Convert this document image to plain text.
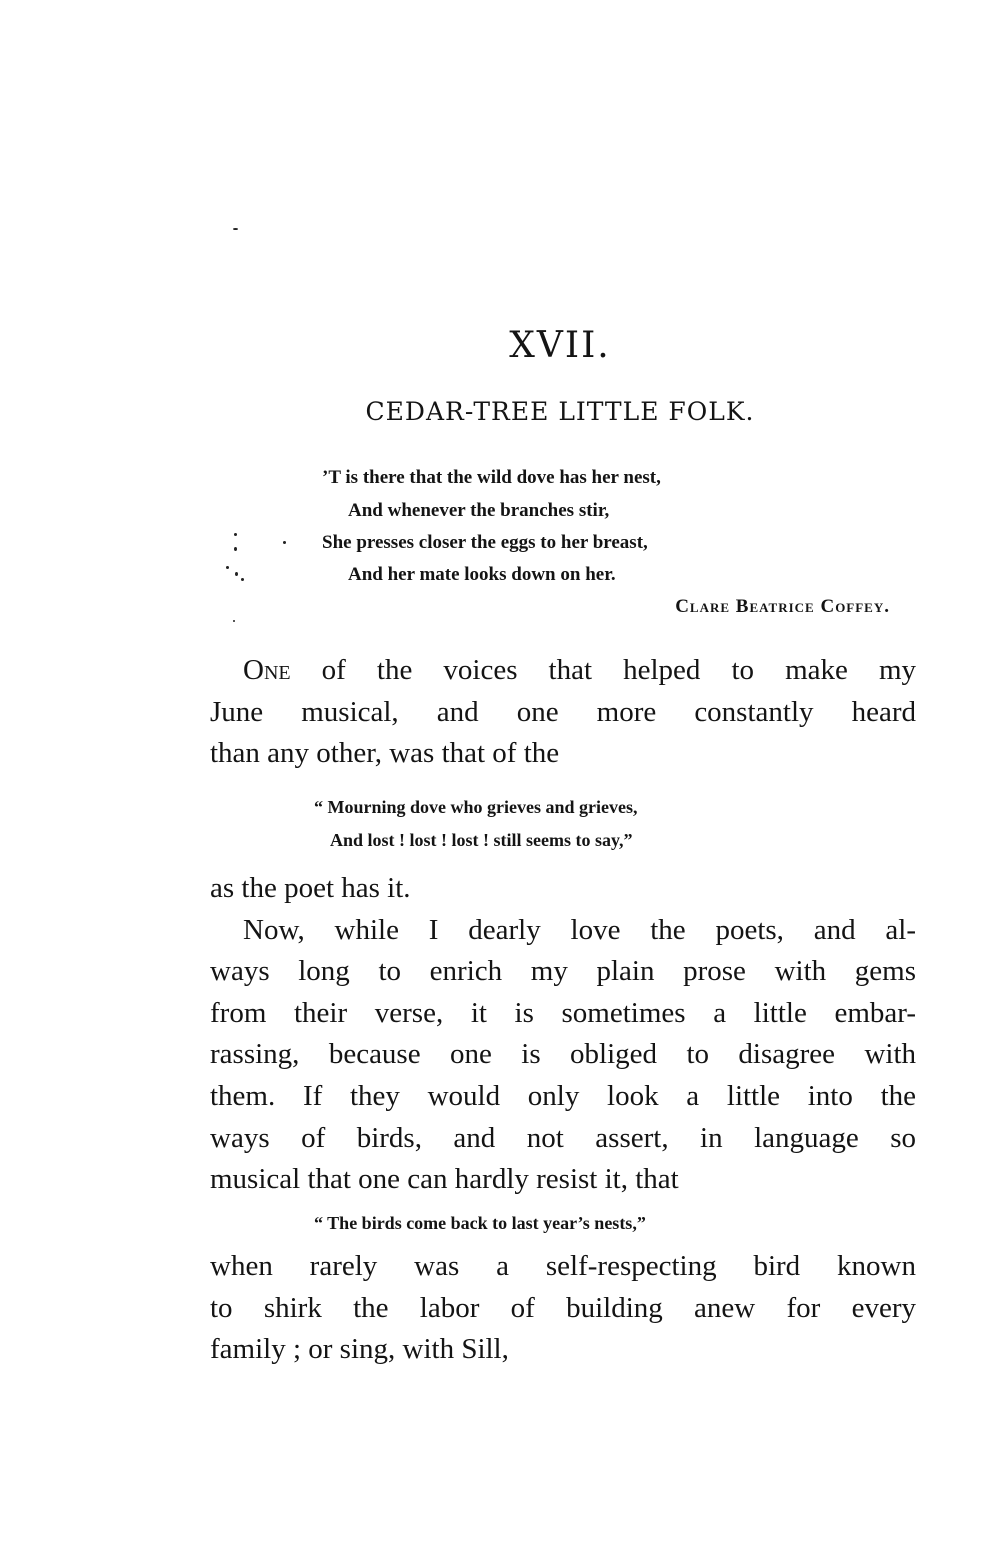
XVII.
CEDAR-TREE LITTLE FOLK.
’T is there that the wild dove has her nest,
And whenever the branches stir,
She presses closer the eggs to her breast,
And her mate looks down on her.
Clare Beatrice Coffey.
One of the voices that helped to make my
June musical, and one more constantly heard
than any other, was that of the
“ Mourning dove who grieves and grieves,
And lost ! lost ! lost ! still seems to say,”
as the poet has it.
Now, while I dearly love the poets, and al-
ways long to enrich my plain prose with gems
from their verse, it is sometimes a little embar-
rassing, because one is obliged to disagree with
them. If they would only look a little into the
ways of birds, and not assert, in language so
musical that one can hardly resist it, that
“ The birds come back to last year’s nests,”
when rarely was a self-respecting bird known
to shirk the labor of building anew for every
family ; or sing, with Sill,
